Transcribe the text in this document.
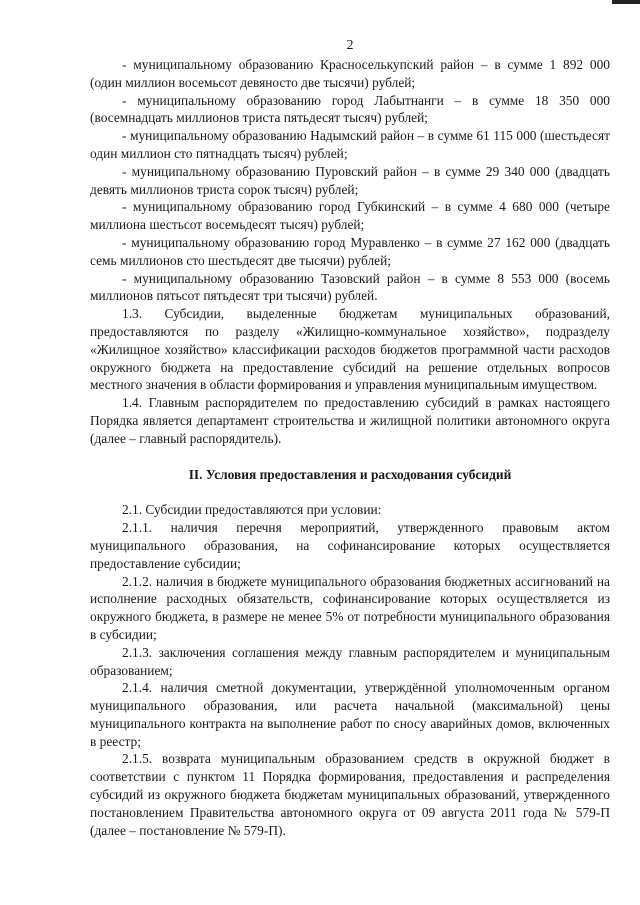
2

- муниципальному образованию Красноселькупский район – в сумме 1 892 000 (один миллион восемьсот девяносто две тысячи) рублей;

- муниципальному образованию город Лабытнанги – в сумме 18 350 000 (восемнадцать миллионов триста пятьдесят тысяч) рублей;

- муниципальному образованию Надымский район – в сумме 61 115 000 (шестьдесят один миллион сто пятнадцать тысяч) рублей;

- муниципальному образованию Пуровский район – в сумме 29 340 000 (двадцать девять миллионов триста сорок тысяч) рублей;

- муниципальному образованию город Губкинский – в сумме 4 680 000 (четыре миллиона шестьсот восемьдесят тысяч) рублей;

- муниципальному образованию город Муравленко – в сумме 27 162 000 (двадцать семь миллионов сто шестьдесят две тысячи) рублей;

- муниципальному образованию Тазовский район – в сумме 8 553 000 (восемь миллионов пятьсот пятьдесят три тысячи) рублей.

1.3. Субсидии, выделенные бюджетам муниципальных образований, предоставляются по разделу «Жилищно-коммунальное хозяйство», подразделу «Жилищное хозяйство» классификации расходов бюджетов программной части расходов окружного бюджета на предоставление субсидий на решение отдельных вопросов местного значения в области формирования и управления муниципальным имуществом.

1.4. Главным распорядителем по предоставлению субсидий в рамках настоящего Порядка является департамент строительства и жилищной политики автономного округа (далее – главный распорядитель).

II. Условия предоставления и расходования субсидий

2.1. Субсидии предоставляются при условии:

2.1.1. наличия перечня мероприятий, утвержденного правовым актом муниципального образования, на софинансирование которых осуществляется предоставление субсидии;

2.1.2. наличия в бюджете муниципального образования бюджетных ассигнований на исполнение расходных обязательств, софинансирование которых осуществляется из окружного бюджета, в размере не менее 5% от потребности муниципального образования в субсидии;

2.1.3. заключения соглашения между главным распорядителем и муниципальным образованием;

2.1.4. наличия сметной документации, утверждённой уполномоченным органом муниципального образования, или расчета начальной (максимальной) цены муниципального контракта на выполнение работ по сносу аварийных домов, включенных в реестр;

2.1.5. возврата муниципальным образованием средств в окружной бюджет в соответствии с пунктом 11 Порядка формирования, предоставления и распределения субсидий из окружного бюджета бюджетам муниципальных образований, утвержденного постановлением Правительства автономного округа от 09 августа 2011 года № 579-П (далее – постановление № 579-П).
